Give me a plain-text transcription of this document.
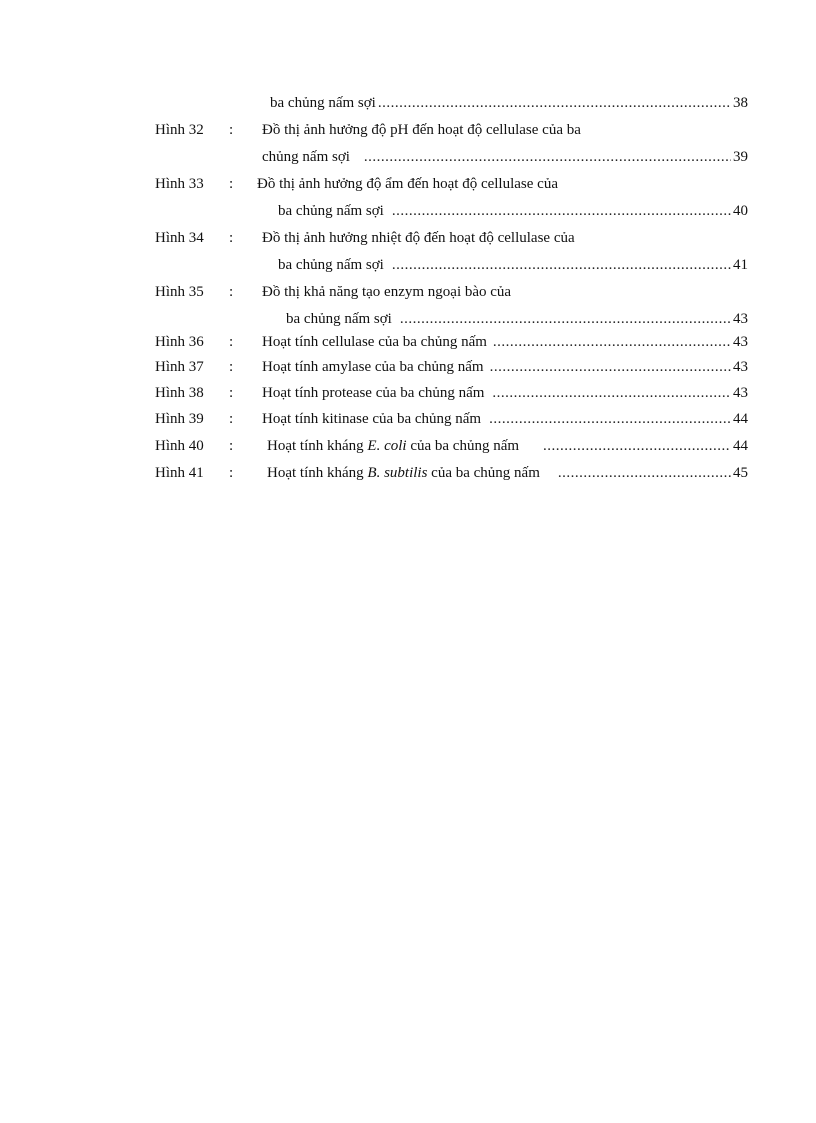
ba chủng nấm sợi .....	38
Hình 32	:	Đồ thị ảnh hưởng độ pH đến hoạt độ cellulase của ba
chủng nấm sợi .....	39
Hình 33	:	Đồ thị ảnh hưởng độ ẩm đến hoạt độ cellulase của
ba chủng nấm sợi .....	40
Hình 34	:	Đồ thị ảnh hưởng nhiệt độ đến hoạt độ cellulase của
ba chủng nấm sợi .....	41
Hình 35	:	Đồ thị khả năng tạo enzym ngoại bào của
ba chủng nấm sợi .....	43
Hình 36	:	Hoạt tính cellulase của ba chủng nấm .....	43
Hình 37	:	Hoạt tính amylase của ba chủng nấm .....	43
Hình 38	:	Hoạt tính protease của ba chủng nấm .....	43
Hình 39	:	Hoạt tính kitinase của ba chủng nấm .....	44
Hình 40	:	Hoạt tính kháng E. coli của ba chủng nấm .....	44
Hình 41	:	Hoạt tính kháng B. subtilis của ba chủng nấm .....	45
